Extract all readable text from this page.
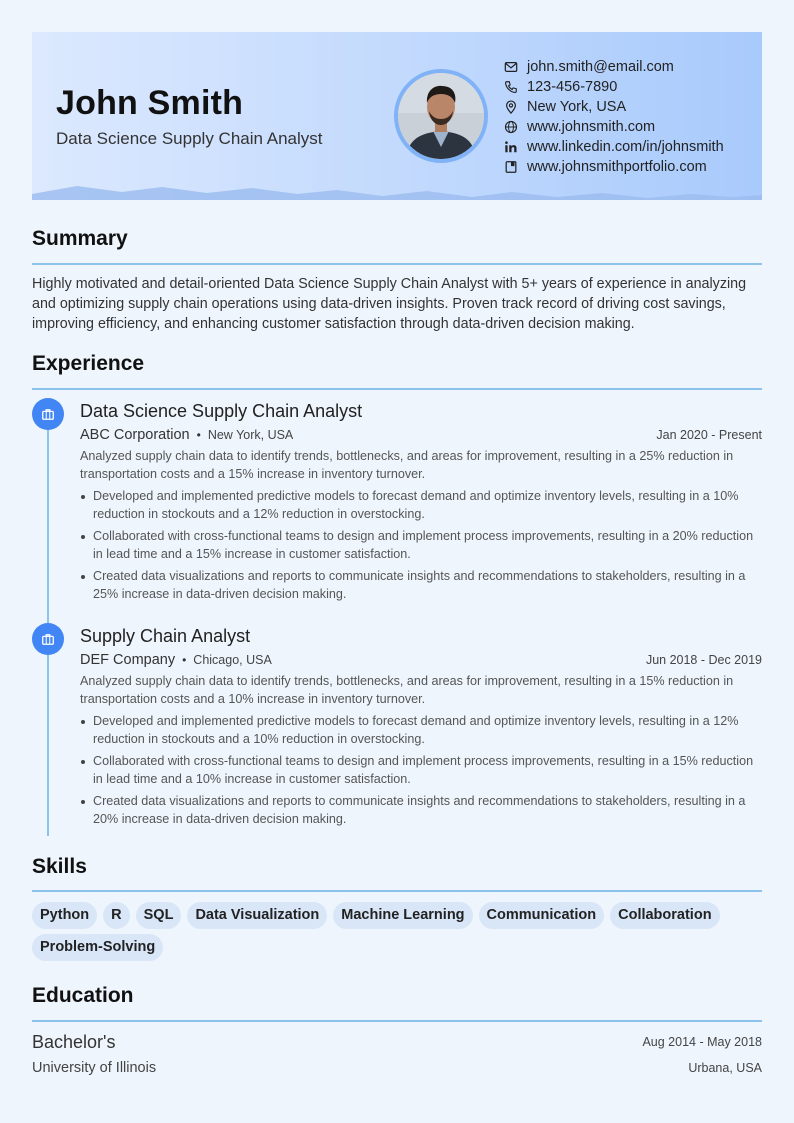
John Smith
Data Science Supply Chain Analyst
john.smith@email.com
123-456-7890
New York, USA
www.johnsmith.com
www.linkedin.com/in/johnsmith
www.johnsmithportfolio.com
Summary
Highly motivated and detail-oriented Data Science Supply Chain Analyst with 5+ years of experience in analyzing and optimizing supply chain operations using data-driven insights. Proven track record of driving cost savings, improving efficiency, and enhancing customer satisfaction through data-driven decision making.
Experience
Data Science Supply Chain Analyst
ABC Corporation • New York, USA	Jan 2020 - Present
Analyzed supply chain data to identify trends, bottlenecks, and areas for improvement, resulting in a 25% reduction in transportation costs and a 15% increase in inventory turnover.
Developed and implemented predictive models to forecast demand and optimize inventory levels, resulting in a 10% reduction in stockouts and a 12% reduction in overstocking.
Collaborated with cross-functional teams to design and implement process improvements, resulting in a 20% reduction in lead time and a 15% increase in customer satisfaction.
Created data visualizations and reports to communicate insights and recommendations to stakeholders, resulting in a 25% increase in data-driven decision making.
Supply Chain Analyst
DEF Company • Chicago, USA	Jun 2018 - Dec 2019
Analyzed supply chain data to identify trends, bottlenecks, and areas for improvement, resulting in a 15% reduction in transportation costs and a 10% increase in inventory turnover.
Developed and implemented predictive models to forecast demand and optimize inventory levels, resulting in a 12% reduction in stockouts and a 10% reduction in overstocking.
Collaborated with cross-functional teams to design and implement process improvements, resulting in a 15% reduction in lead time and a 10% increase in customer satisfaction.
Created data visualizations and reports to communicate insights and recommendations to stakeholders, resulting in a 20% increase in data-driven decision making.
Skills
Python R SQL Data Visualization Machine Learning Communication CollaborationProblem-Solving
Education
Bachelor's
University of Illinois
Aug 2014 - May 2018
Urbana, USA
